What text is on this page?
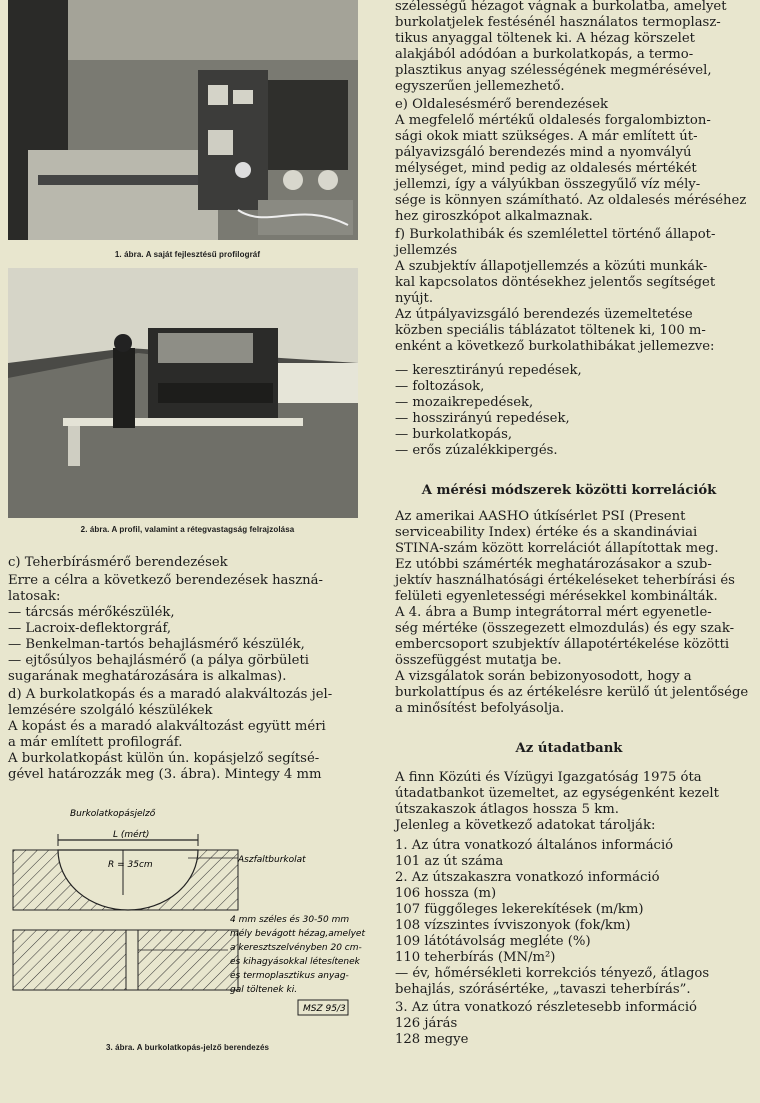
1. ábra. A saját fejlesztésű profilográf
2. ábra. A profil, valamint a rétegvastagság felrajzolása
c) Teherbírásmérő berendezések
Erre a célra a következő berendezések haszná-
latosak:
— tárcsás mérőkészülék,
— Lacroix-deflektorgráf,
— Benkelman-tartós behajlásmérő készülék,
— ejtősúlyos behajlásmérő (a pálya görbületi
sugarának meghatározására is alkalmas).
d) A burkolatkopás és a maradó alakváltozás jel-
lemzésére szolgáló készülékek
A kopást és a maradó alakváltozást együtt méri
a már említett profilográf.
A burkolatkopást külön ún. kopásjelző segítsé-
gével határozzák meg (3. ábra). Mintegy 4 mm
Burkolatkopásjelző
L (mért)
R = 35cm	Aszfaltburkolat
4 mm széles és 30-50 mm
mély bevágott hézag,amelyet
a keresztszelvényben 20 cm-
es kihagyásokkal létesítenek
és termoplasztikus anyag-
gal töltenek ki.
MSZ 95/3
3. ábra. A burkolatkopás-jelző berendezés
szélességű hézagot vágnak a burkolatba, amelyet
burkolatjelek festésénél használatos termoplasz-
tikus anyaggal töltenek ki. A hézag körszelet
alakjából adódóan a burkolatkopás, a termo-
plasztikus anyag szélességének megmérésével,
egyszerűen jellemezhető.
e) Oldalesésmérő berendezések
A megfelelő mértékű oldalesés forgalombizton-
sági okok miatt szükséges. A már említett út-
pályavizsgáló berendezés mind a nyomvályú
mélységet, mind pedig az oldalesés mértékét
jellemzi, így a vályúkban összegyűlő víz mély-
sége is könnyen számítható. Az oldalesés méréséhez
hez giroszkópot alkalmaznak.
f) Burkolathibák és szemlélettel történő állapot-
jellemzés
A szubjektív állapotjellemzés a közúti munkák-
kal kapcsolatos döntésekhez jelentős segítséget
nyújt.
Az útpályavizsgáló berendezés üzemeltetése
közben speciális táblázatot töltenek ki, 100 m-
enként a következő burkolathibákat jellemezve:
— keresztirányú repedések,
— foltozások,
— mozaikrepedések,
— hosszirányú repedések,
— burkolatkopás,
— erős zúzalékkipergés.
A mérési módszerek közötti korrelációk
Az amerikai AASHO útkísérlet PSI (Present
serviceability Index) értéke és a skandináviai
STINA-szám között korrelációt állapítottak meg.
Ez utóbbi számérték meghatározásakor a szub-
jektív használhatósági értékeléseket teherbírási és
felületi egyenletességi mérésekkel kombinálták.
A 4. ábra a Bump integrátorral mért egyenetle-
ség mértéke (összegezett elmozdulás) és egy szak-
embercsoport szubjektív állapotértékelése közötti
összefüggést mutatja be.
A vizsgálatok során bebizonyosodott, hogy a
burkolattípus és az értékelésre kerülő út jelentősége
a minősítést befolyásolja.
Az útadatbank
A finn Közúti és Vízügyi Igazgatóság 1975 óta
útadatbankot üzemeltet, az egységenként kezelt
útszakaszok átlagos hossza 5 km.
Jelenleg a következő adatokat tárolják:
1. Az útra vonatkozó általános információ
101 az út száma
2. Az útszakaszra vonatkozó információ
106 hossza (m)
107 függőleges lekerekítések (m/km)
108 vízszintes ívviszonyok (fok/km)
109 látótávolság megléte (%)
110 teherbírás (MN/m²)
— év, hőmérsékleti korrekciós tényező, átlagos
behajlás, szórásértéke, „tavaszi teherbírás”.
3. Az útra vonatkozó részletesebb információ
126 járás
128 megye
